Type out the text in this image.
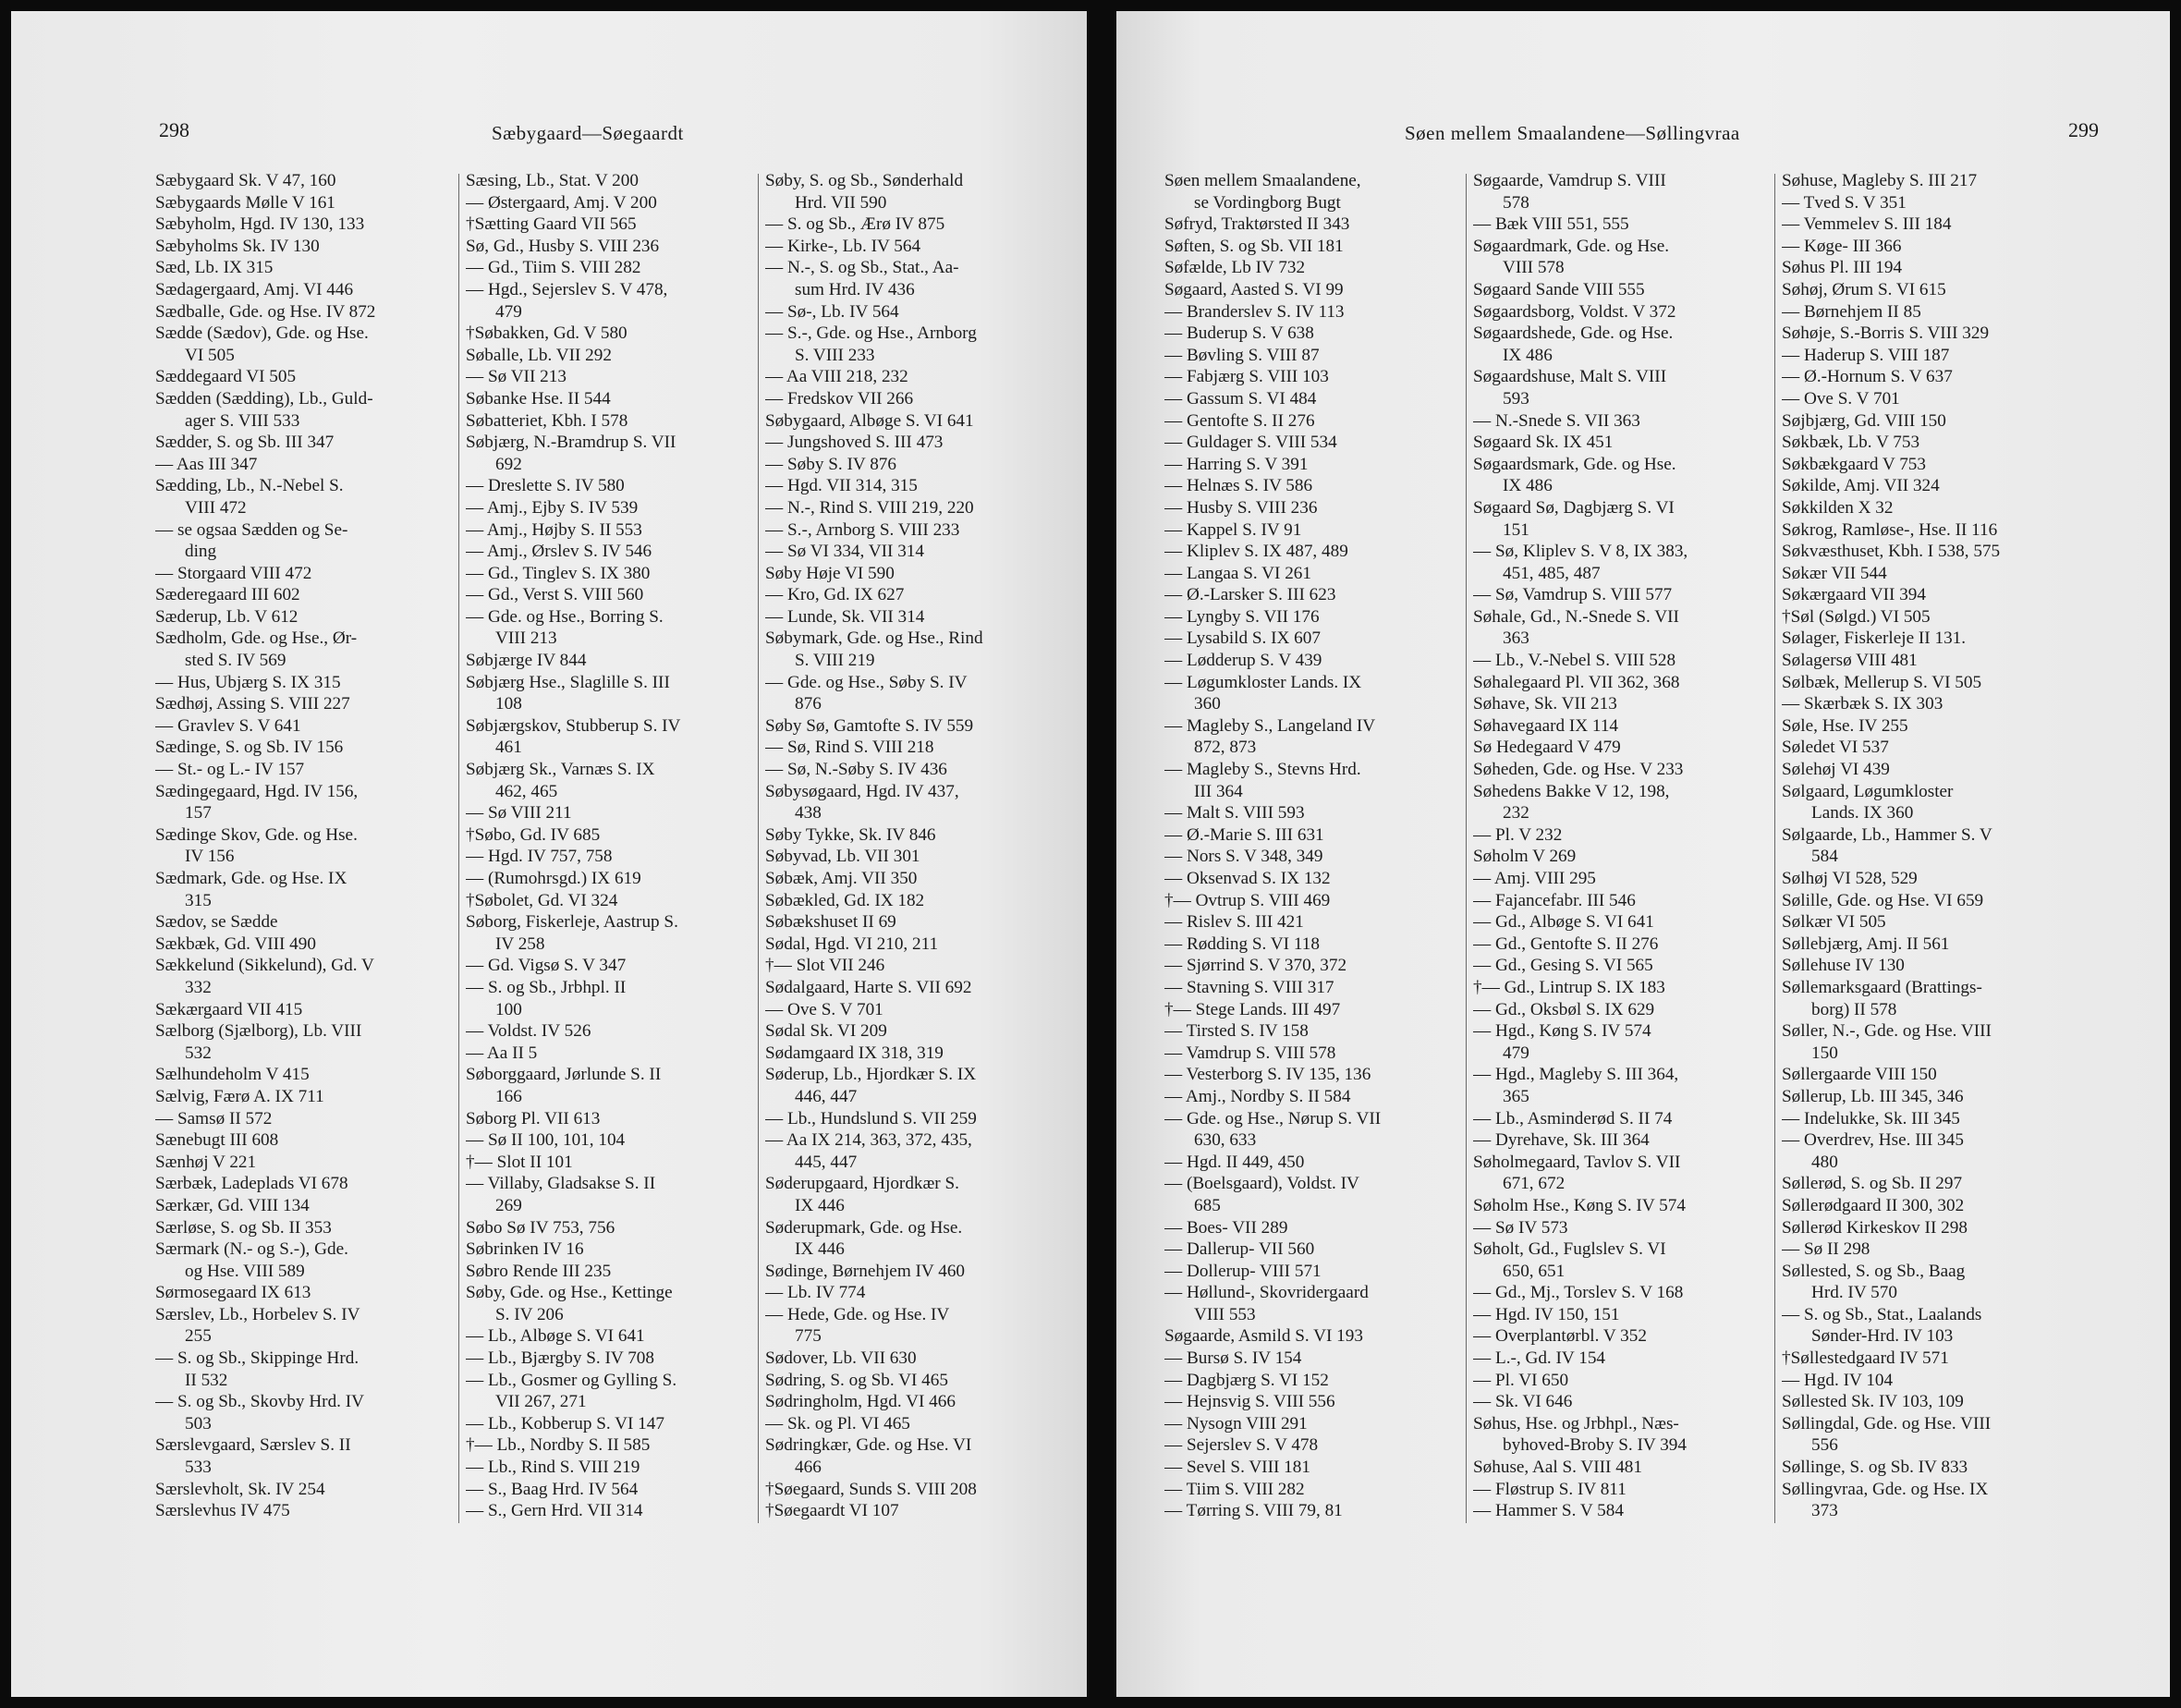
298	Sæbygaard—Søegaardt
Sæbygaard Sk. V 47, 160
Sæbygaards Mølle V 161
Sæbyholm, Hgd. IV 130, 133
Sæbyholms Sk. IV 130
Sæd, Lb. IX 315
Sædagergaard, Amj. VI 446
Sædballe, Gde. og Hse. IV 872
Sædde (Sædov), Gde. og Hse.
VI 505
Sæddegaard VI 505
Sædden (Sædding), Lb., Guld-
ager S. VIII 533
Sædder, S. og Sb. III 347
— Aas III 347
Sædding, Lb., N.-Nebel S.
VIII 472
— se ogsaa Sædden og Se-
ding
— Storgaard VIII 472
Sæderegaard III 602
Sæderup, Lb. V 612
Sædholm, Gde. og Hse., Ør-
sted S. IV 569
— Hus, Ubjærg S. IX 315
Sædhøj, Assing S. VIII 227
— Gravlev S. V 641
Sædinge, S. og Sb. IV 156
— St.- og L.- IV 157
Sædingegaard, Hgd. IV 156,
157
Sædinge Skov, Gde. og Hse.
IV 156
Sædmark, Gde. og Hse. IX
315
Sædov, se Sædde
Sækbæk, Gd. VIII 490
Sækkelund (Sikkelund), Gd. V
332
Sækærgaard VII 415
Sælborg (Sjælborg), Lb. VIII
532
Sælhundeholm V 415
Sælvig, Færø A. IX 711
— Samsø II 572
Sænebugt III 608
Sænhøj V 221
Særbæk, Ladeplads VI 678
Særkær, Gd. VIII 134
Særløse, S. og Sb. II 353
Særmark (N.- og S.-), Gde.
og Hse. VIII 589
Sørmosegaard IX 613
Særslev, Lb., Horbelev S. IV
255
— S. og Sb., Skippinge Hrd.
II 532
— S. og Sb., Skovby Hrd. IV
503
Særslevgaard, Særslev S. II
533
Særslevholt, Sk. IV 254
Særslevhus IV 475
Sæsing, Lb., Stat. V 200
— Østergaard, Amj. V 200
†Sætting Gaard VII 565
Sø, Gd., Husby S. VIII 236
— Gd., Tiim S. VIII 282
— Hgd., Sejerslev S. V 478,
479
†Søbakken, Gd. V 580
Søballe, Lb. VII 292
— Sø VII 213
Søbanke Hse. II 544
Søbatteriet, Kbh. I 578
Søbjærg, N.-Bramdrup S. VII
692
— Dreslette S. IV 580
— Amj., Ejby S. IV 539
— Amj., Højby S. II 553
— Amj., Ørslev S. IV 546
— Gd., Tinglev S. IX 380
— Gd., Verst S. VIII 560
— Gde. og Hse., Borring S.
VIII 213
Søbjærge IV 844
Søbjærg Hse., Slaglille S. III
108
Søbjærgskov, Stubberup S. IV
461
Søbjærg Sk., Varnæs S. IX
462, 465
— Sø VIII 211
†Søbo, Gd. IV 685
— Hgd. IV 757, 758
— (Rumohrsgd.) IX 619
†Søbolet, Gd. VI 324
Søborg, Fiskerleje, Aastrup S.
IV 258
— Gd. Vigsø S. V 347
— S. og Sb., Jrbhpl. II
100
— Voldst. IV 526
— Aa II 5
Søborggaard, Jørlunde S. II
166
Søborg Pl. VII 613
— Sø II 100, 101, 104
†— Slot II 101
— Villaby, Gladsakse S. II
269
Søbo Sø IV 753, 756
Søbrinken IV 16
Søbro Rende III 235
Søby, Gde. og Hse., Kettinge
S. IV 206
— Lb., Albøge S. VI 641
— Lb., Bjærgby S. IV 708
— Lb., Gosmer og Gylling S.
VII 267, 271
— Lb., Kobberup S. VI 147
†— Lb., Nordby S. II 585
— Lb., Rind S. VIII 219
— S., Baag Hrd. IV 564
— S., Gern Hrd. VII 314
Søby, S. og Sb., Sønderhald
Hrd. VII 590
— S. og Sb., Ærø IV 875
— Kirke-, Lb. IV 564
— N.-, S. og Sb., Stat., Aa-
sum Hrd. IV 436
— Sø-, Lb. IV 564
— S.-, Gde. og Hse., Arnborg
S. VIII 233
— Aa VIII 218, 232
— Fredskov VII 266
Søbygaard, Albøge S. VI 641
— Jungshoved S. III 473
— Søby S. IV 876
— Hgd. VII 314, 315
— N.-, Rind S. VIII 219, 220
— S.-, Arnborg S. VIII 233
— Sø VI 334, VII 314
Søby Høje VI 590
— Kro, Gd. IX 627
— Lunde, Sk. VII 314
Søbymark, Gde. og Hse., Rind
S. VIII 219
— Gde. og Hse., Søby S. IV
876
Søby Sø, Gamtofte S. IV 559
— Sø, Rind S. VIII 218
— Sø, N.-Søby S. IV 436
Søbysøgaard, Hgd. IV 437,
438
Søby Tykke, Sk. IV 846
Søbyvad, Lb. VII 301
Søbæk, Amj. VII 350
Søbækled, Gd. IX 182
Søbækshuset II 69
Sødal, Hgd. VI 210, 211
†— Slot VII 246
Sødalgaard, Harte S. VII 692
— Ove S. V 701
Sødal Sk. VI 209
Sødamgaard IX 318, 319
Søderup, Lb., Hjordkær S. IX
446, 447
— Lb., Hundslund S. VII 259
— Aa IX 214, 363, 372, 435,
445, 447
Søderupgaard, Hjordkær S.
IX 446
Søderupmark, Gde. og Hse.
IX 446
Sødinge, Børnehjem IV 460
— Lb. IV 774
— Hede, Gde. og Hse. IV
775
Sødover, Lb. VII 630
Sødring, S. og Sb. VI 465
Sødringholm, Hgd. VI 466
— Sk. og Pl. VI 465
Sødringkær, Gde. og Hse. VI
466
†Søegaard, Sunds S. VIII 208
†Søegaardt VI 107
Søen mellem Smaalandene—Søllingvraa	299
Søen mellem Smaalandene,
se Vordingborg Bugt
Søfryd, Traktørsted II 343
Søften, S. og Sb. VII 181
Søfælde, Lb IV 732
Søgaard, Aasted S. VI 99
— Branderslev S. IV 113
— Buderup S. V 638
— Bøvling S. VIII 87
— Fabjærg S. VIII 103
— Gassum S. VI 484
— Gentofte S. II 276
— Guldager S. VIII 534
— Harring S. V 391
— Helnæs S. IV 586
— Husby S. VIII 236
— Kappel S. IV 91
— Kliplev S. IX 487, 489
— Langaa S. VI 261
— Ø.-Larsker S. III 623
— Lyngby S. VII 176
— Lysabild S. IX 607
— Lødderup S. V 439
— Løgumkloster Lands. IX
360
— Magleby S., Langeland IV
872, 873
— Magleby S., Stevns Hrd.
III 364
— Malt S. VIII 593
— Ø.-Marie S. III 631
— Nors S. V 348, 349
— Oksenvad S. IX 132
†— Ovtrup S. VIII 469
— Rislev S. III 421
— Rødding S. VI 118
— Sjørrind S. V 370, 372
— Stavning S. VIII 317
†— Stege Lands. III 497
— Tirsted S. IV 158
— Vamdrup S. VIII 578
— Vesterborg S. IV 135, 136
— Amj., Nordby S. II 584
— Gde. og Hse., Nørup S. VII
630, 633
— Hgd. II 449, 450
— (Boelsgaard), Voldst. IV
685
— Boes- VII 289
— Dallerup- VII 560
— Dollerup- VIII 571
— Høllund-, Skovridergaard
VIII 553
Søgaarde, Asmild S. VI 193
— Bursø S. IV 154
— Dagbjærg S. VI 152
— Hejnsvig S. VIII 556
— Nysogn VIII 291
— Sejerslev S. V 478
— Sevel S. VIII 181
— Tiim S. VIII 282
— Tørring S. VIII 79, 81
Søgaarde, Vamdrup S. VIII
578
— Bæk VIII 551, 555
Søgaardmark, Gde. og Hse.
VIII 578
Søgaard Sande VIII 555
Søgaardsborg, Voldst. V 372
Søgaardshede, Gde. og Hse.
IX 486
Søgaardshuse, Malt S. VIII
593
— N.-Snede S. VII 363
Søgaard Sk. IX 451
Søgaardsmark, Gde. og Hse.
IX 486
Søgaard Sø, Dagbjærg S. VI
151
— Sø, Kliplev S. V 8, IX 383,
451, 485, 487
— Sø, Vamdrup S. VIII 577
Søhale, Gd., N.-Snede S. VII
363
— Lb., V.-Nebel S. VIII 528
Søhalegaard Pl. VII 362, 368
Søhave, Sk. VII 213
Søhavegaard IX 114
Sø Hedegaard V 479
Søheden, Gde. og Hse. V 233
Søhedens Bakke V 12, 198,
232
— Pl. V 232
Søholm V 269
— Amj. VIII 295
— Fajancefabr. III 546
— Gd., Albøge S. VI 641
— Gd., Gentofte S. II 276
— Gd., Gesing S. VI 565
†— Gd., Lintrup S. IX 183
— Gd., Oksbøl S. IX 629
— Hgd., Køng S. IV 574
479
— Hgd., Magleby S. III 364,
365
— Lb., Asminderød S. II 74
— Dyrehave, Sk. III 364
Søholmegaard, Tavlov S. VII
671, 672
Søholm Hse., Køng S. IV 574
— Sø IV 573
Søholt, Gd., Fuglslev S. VI
650, 651
— Gd., Mj., Torslev S. V 168
— Hgd. IV 150, 151
— Overplantørbl. V 352
— L.-, Gd. IV 154
— Pl. VI 650
— Sk. VI 646
Søhus, Hse. og Jrbhpl., Næs-
byhoved-Broby S. IV 394
Søhuse, Aal S. VIII 481
— Fløstrup S. IV 811
— Hammer S. V 584
Søhuse, Magleby S. III 217
— Tved S. V 351
— Vemmelev S. III 184
— Køge- III 366
Søhus Pl. III 194
Søhøj, Ørum S. VI 615
— Børnehjem II 85
Søhøje, S.-Borris S. VIII 329
— Haderup S. VIII 187
— Ø.-Hornum S. V 637
— Ove S. V 701
Søjbjærg, Gd. VIII 150
Søkbæk, Lb. V 753
Søkbækgaard V 753
Søkilde, Amj. VII 324
Søkkilden X 32
Søkrog, Ramløse-, Hse. II 116
Søkvæsthuset, Kbh. I 538, 575
Søkær VII 544
Søkærgaard VII 394
†Søl (Sølgd.) VI 505
Sølager, Fiskerleje II 131.
Sølagersø VIII 481
Sølbæk, Mellerup S. VI 505
— Skærbæk S. IX 303
Søle, Hse. IV 255
Søledet VI 537
Sølehøj VI 439
Sølgaard, Løgumkloster
Lands. IX 360
Sølgaarde, Lb., Hammer S. V
584
Sølhøj VI 528, 529
Sølille, Gde. og Hse. VI 659
Sølkær VI 505
Søllebjærg, Amj. II 561
Søllehuse IV 130
Søllemarksgaard (Brattings-
borg) II 578
Søller, N.-, Gde. og Hse. VIII
150
Søllergaarde VIII 150
Søllerup, Lb. III 345, 346
— Indelukke, Sk. III 345
— Overdrev, Hse. III 345
480
Søllerød, S. og Sb. II 297
Søllerødgaard II 300, 302
Søllerød Kirkeskov II 298
— Sø II 298
Søllested, S. og Sb., Baag
Hrd. IV 570
— S. og Sb., Stat., Laalands
Sønder-Hrd. IV 103
†Søllestedgaard IV 571
— Hgd. IV 104
Søllested Sk. IV 103, 109
Søllingdal, Gde. og Hse. VIII
556
Søllinge, S. og Sb. IV 833
Søllingvraa, Gde. og Hse. IX
373
